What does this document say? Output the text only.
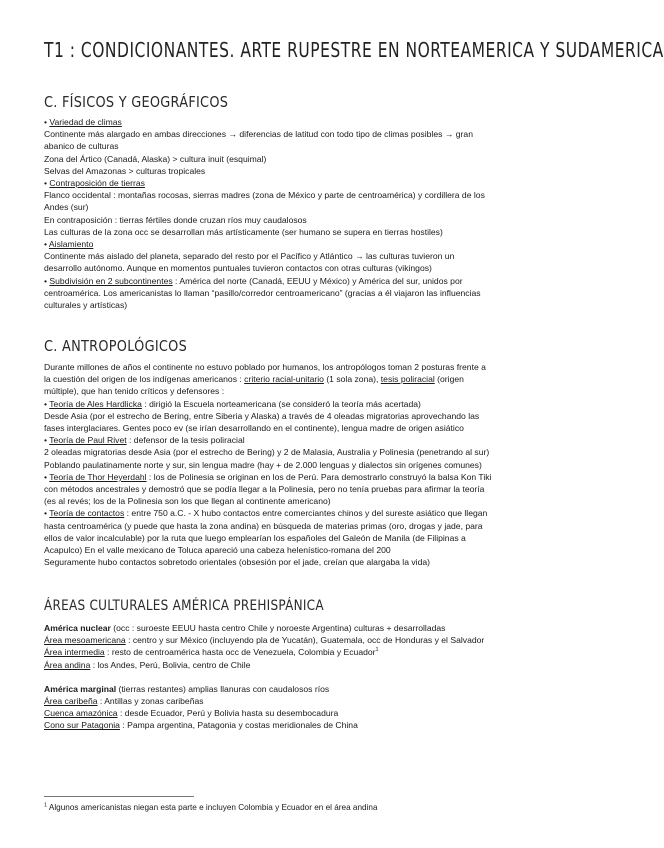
T1 : CONDICIONANTES. ARTE RUPESTRE EN NORTEAMERICA Y SUDAMERICA
C. FÍSICOS Y GEOGRÁFICOS
• Variedad de climas
Continente más alargado en ambas direcciones → diferencias de latitud con todo tipo de climas posibles → gran
abanico de culturas
Zona del Ártico (Canadá, Alaska) > cultura inuit (esquimal)
Selvas del Amazonas > culturas tropicales
• Contraposición de tierras
Flanco occidental : montañas rocosas, sierras madres (zona de México y parte de centroamérica) y cordillera de los
Andes (sur)
En contraposición : tierras fértiles donde cruzan ríos muy caudalosos
Las culturas de la zona occ se desarrollan más artísticamente (ser humano se supera en tierras hostiles)
• Aislamiento
Continente más aislado del planeta, separado del resto por el Pacífico y Atlántico → las culturas tuvieron un
desarrollo autónomo. Aunque en momentos puntuales tuvieron contactos con otras culturas (vikingos)
• Subdivisión en 2 subcontinentes : América del norte (Canadá, EEUU y México) y América del sur, unidos por
centroamérica. Los americanistas lo llaman “pasillo/corredor centroamericano” (gracias a él viajaron las influencias
culturales y artísticas)
C. ANTROPOLÓGICOS
Durante millones de años el continente no estuvo poblado por humanos, los antropólogos toman 2 posturas frente a
la cuestión del origen de los indígenas americanos : criterio racial-unitario (1 sola zona), tesis poliracial (origen
múltiple), que han tenido críticos y defensores :
• Teoría de Ales Hardlicka : dirigió la Escuela norteamericana (se consideró la teoría más acertada)
Desde Asia (por el estrecho de Bering, entre Siberia y Alaska) a través de 4 oleadas migratorias aprovechando las
fases interglaciares. Gentes poco ev (se irían desarrollando en el continente), lengua madre de origen asiático
• Teoría de Paul Rivet : defensor de la tesis poliracial
2 oleadas migratorias desde Asia (por el estrecho de Bering) y 2 de Malasia, Australia y Polinesia (penetrando al sur)
Poblando paulatinamente norte y sur, sin lengua madre (hay + de 2.000 lenguas y dialectos sin orígenes comunes)
• Teoría de Thor Heyerdahl : los de Polinesia se originan en los de Perú. Para demostrarlo construyó la balsa Kon Tiki
con métodos ancestrales y demostró que se podía llegar a la Polinesia, pero no tenía pruebas para afirmar la teoría
(es al revés; los de la Polinesia son los que llegan al continente americano)
• Teoría de contactos : entre 750 a.C. - X hubo contactos entre comerciantes chinos y del sureste asiático que llegan
hasta centroamérica (y puede que hasta la zona andina) en búsqueda de materias primas (oro, drogas y jade, para
ellos de valor incalculable) por la ruta que luego emplearían los españoles del Galeón de Manila (de Filipinas a
Acapulco) En el valle mexicano de Toluca apareció una cabeza helenístico-romana del 200
Seguramente hubo contactos sobretodo orientales (obsesión por el jade, creían que alargaba la vida)
ÁREAS CULTURALES AMÉRICA PREHISPÁNICA
América nuclear (occ : suroeste EEUU hasta centro Chile y noroeste Argentina) culturas + desarrolladas
Área mesoamericana : centro y sur México (incluyendo pla de Yucatán), Guatemala, occ de Honduras y el Salvador
Área intermedia : resto de centroamérica hasta occ de Venezuela, Colombia y Ecuador$^1$
Área andina : los Andes, Perú, Bolivia, centro de Chile
América marginal (tierras restantes) amplias llanuras con caudalosos ríos
Área caribeña : Antillas y zonas caribeñas
Cuenca amazónica : desde Ecuador, Perú y Bolivia hasta su desembocadura
Cono sur Patagonia : Pampa argentina, Patagonia y costas meridionales de China
$^1$ Algunos americanistas niegan esta parte e incluyen Colombia y Ecuador en el área andina
